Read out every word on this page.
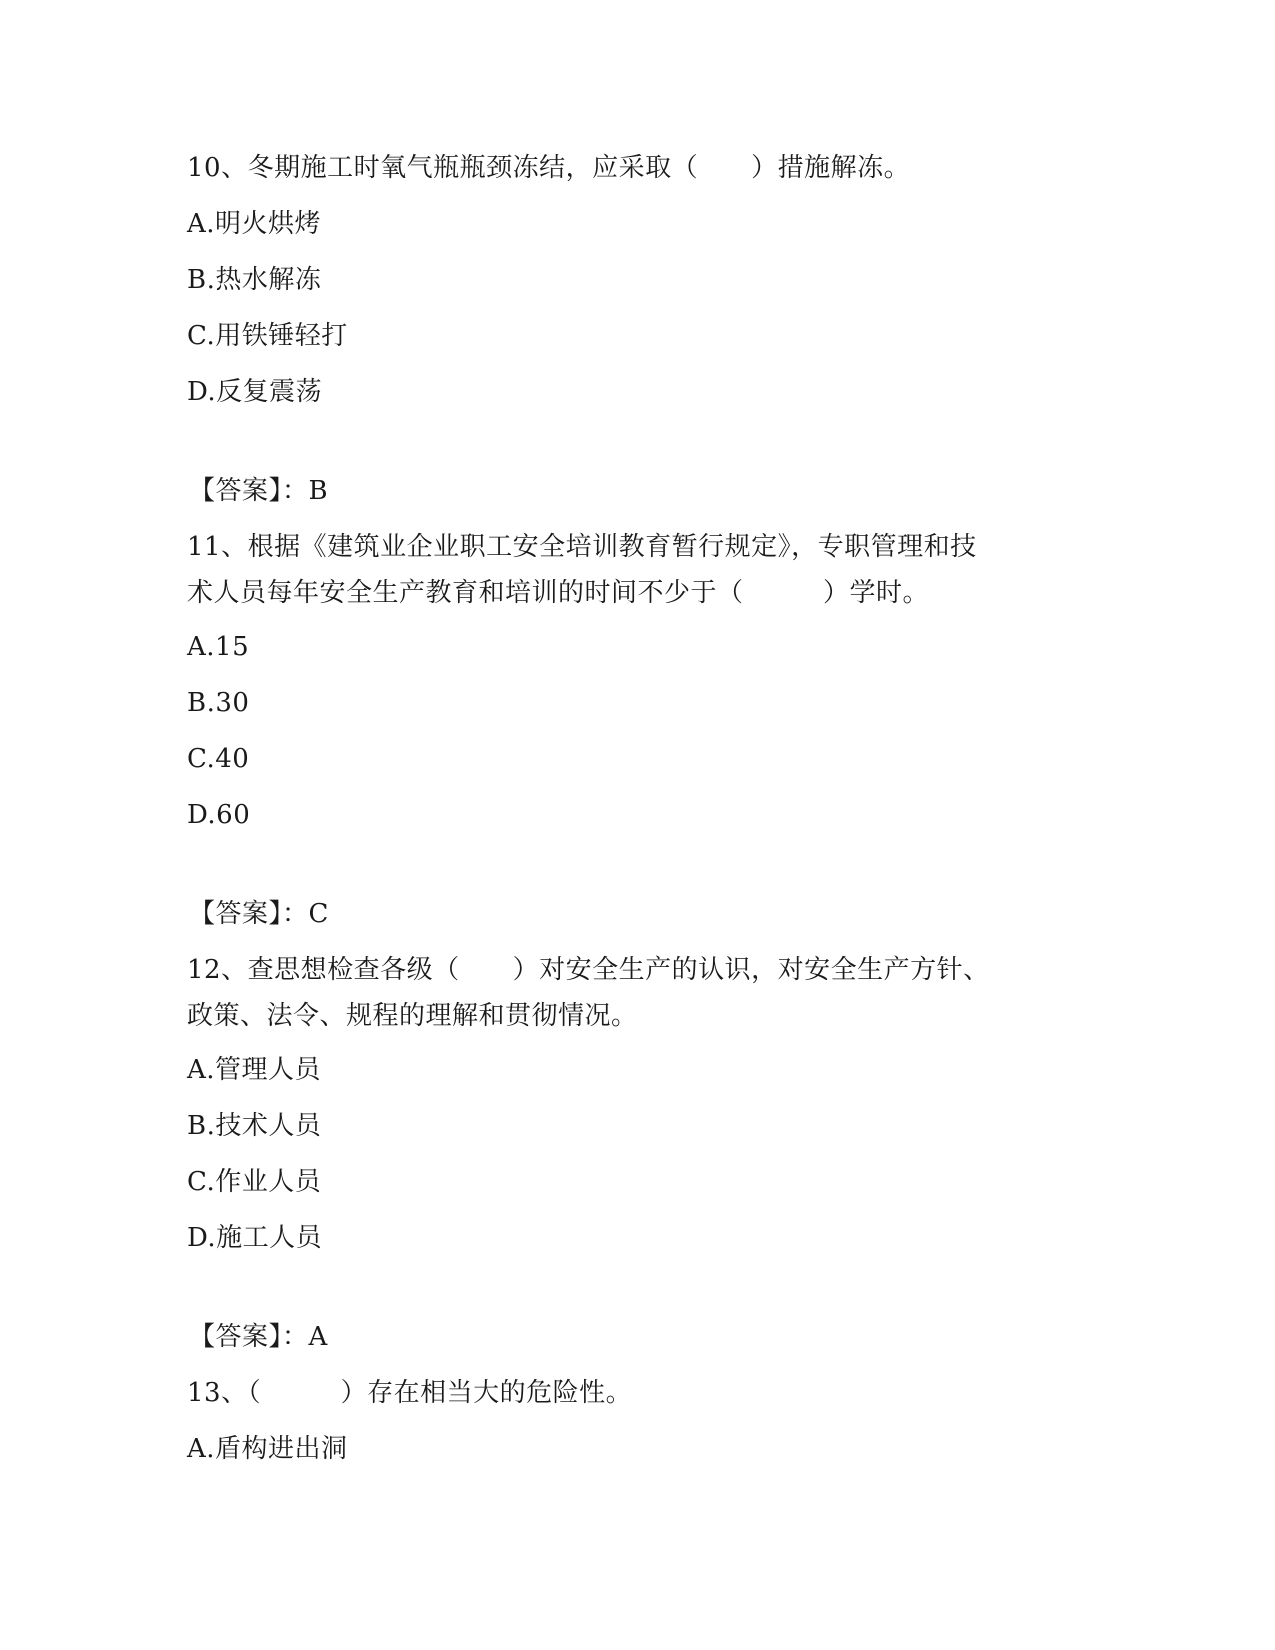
10、冬期施工时氧气瓶瓶颈冻结，应采取（　　）措施解冻。
A.明火烘烤
B.热水解冻
C.用铁锤轻打
D.反复震荡
【答案】：B
11、根据《建筑业企业职工安全培训教育暂行规定》，专职管理和技
术人员每年安全生产教育和培训的时间不少于（　　　）学时。
A.15
B.30
C.40
D.60
【答案】：C
12、查思想检查各级（　　）对安全生产的认识，对安全生产方针、
政策、法令、规程的理解和贯彻情况。
A.管理人员
B.技术人员
C.作业人员
D.施工人员
【答案】：A
13、（　　　）存在相当大的危险性。
A.盾构进出洞
